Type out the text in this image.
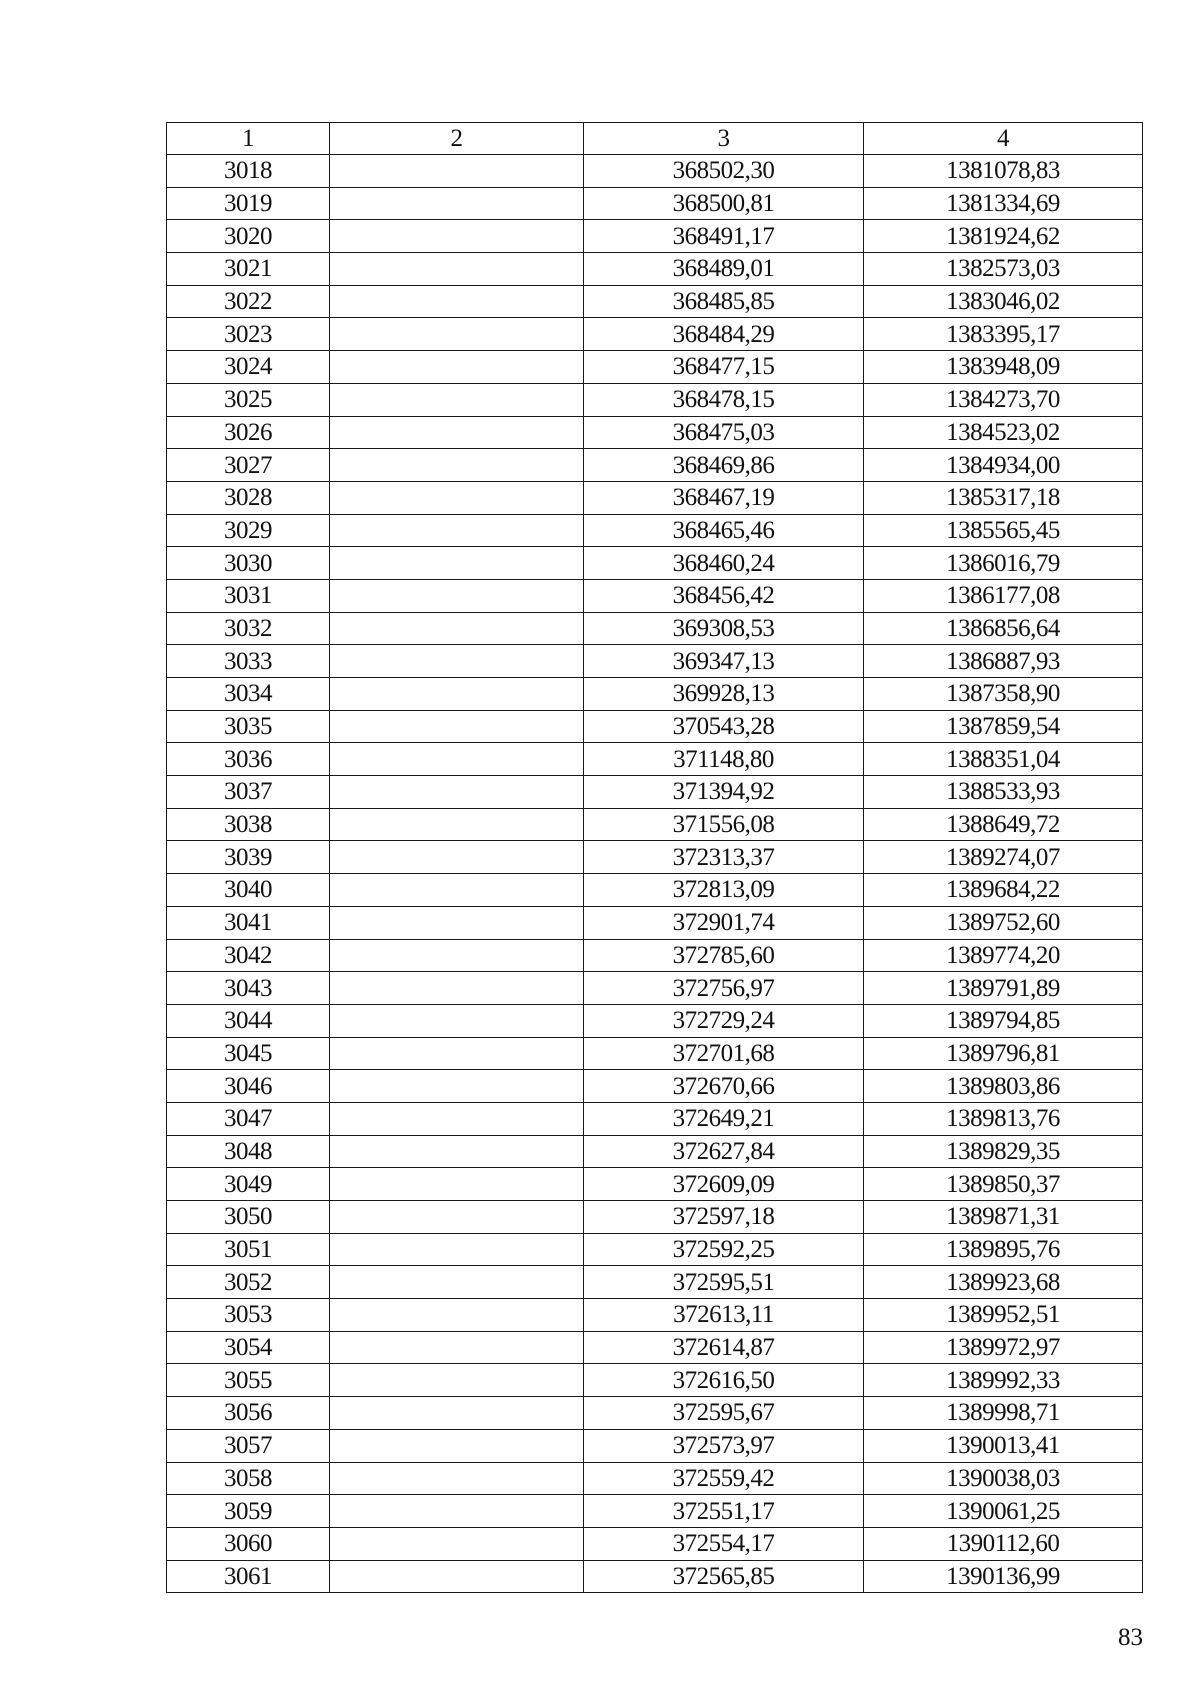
1	2	3	4
3018		368502,30	1381078,83
3019		368500,81	1381334,69
3020		368491,17	1381924,62
3021		368489,01	1382573,03
3022		368485,85	1383046,02
3023		368484,29	1383395,17
3024		368477,15	1383948,09
3025		368478,15	1384273,70
3026		368475,03	1384523,02
3027		368469,86	1384934,00
3028		368467,19	1385317,18
3029		368465,46	1385565,45
3030		368460,24	1386016,79
3031		368456,42	1386177,08
3032		369308,53	1386856,64
3033		369347,13	1386887,93
3034		369928,13	1387358,90
3035		370543,28	1387859,54
3036		371148,80	1388351,04
3037		371394,92	1388533,93
3038		371556,08	1388649,72
3039		372313,37	1389274,07
3040		372813,09	1389684,22
3041		372901,74	1389752,60
3042		372785,60	1389774,20
3043		372756,97	1389791,89
3044		372729,24	1389794,85
3045		372701,68	1389796,81
3046		372670,66	1389803,86
3047		372649,21	1389813,76
3048		372627,84	1389829,35
3049		372609,09	1389850,37
3050		372597,18	1389871,31
3051		372592,25	1389895,76
3052		372595,51	1389923,68
3053		372613,11	1389952,51
3054		372614,87	1389972,97
3055		372616,50	1389992,33
3056		372595,67	1389998,71
3057		372573,97	1390013,41
3058		372559,42	1390038,03
3059		372551,17	1390061,25
3060		372554,17	1390112,60
3061		372565,85	1390136,99
83
